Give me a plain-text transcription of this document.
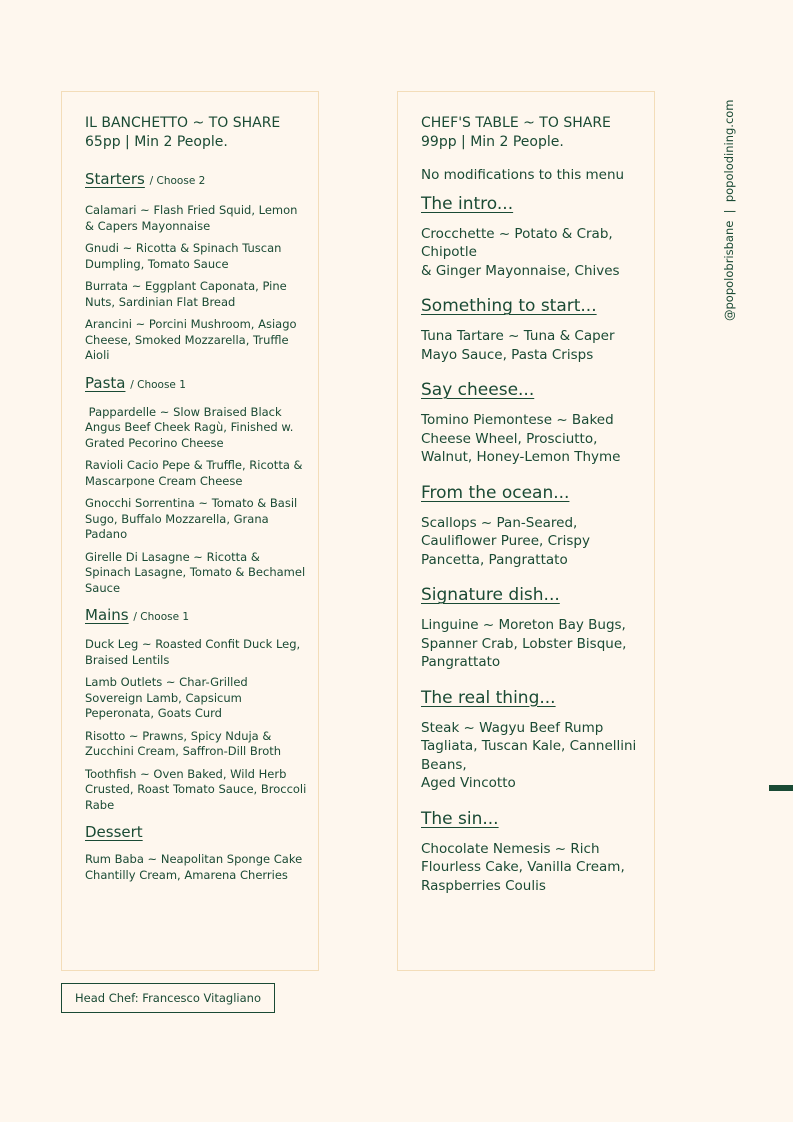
IL BANCHETTO ~ TO SHARE

65pp | Min 2 People.

Starters / Choose 2

Calamari ~ Flash Fried Squid, Lemon & Capers Mayonnaise

Gnudi ~ Ricotta & Spinach Tuscan Dumpling, Tomato Sauce

Burrata ~ Eggplant Caponata, Pine Nuts, Sardinian Flat Bread

Arancini ~ Porcini Mushroom, Asiago Cheese, Smoked Mozzarella, Truffle Aioli

Pasta / Choose 1

Pappardelle ~ Slow Braised Black Angus Beef Cheek Ragù, Finished w. Grated Pecorino Cheese

Ravioli Cacio Pepe & Truffle, Ricotta & Mascarpone Cream Cheese

Gnocchi Sorrentina ~ Tomato & Basil Sugo, Buffalo Mozzarella, Grana Padano

Girelle Di Lasagne ~ Ricotta & Spinach Lasagne, Tomato & Bechamel Sauce

Mains / Choose 1

Duck Leg ~ Roasted Confit Duck Leg, Braised Lentils

Lamb Outlets ~ Char-Grilled Sovereign Lamb, Capsicum Peperonata, Goats Curd

Risotto ~ Prawns, Spicy Nduja & Zucchini Cream, Saffron-Dill Broth

Toothfish ~ Oven Baked, Wild Herb Crusted, Roast Tomato Sauce, Broccoli Rabe

Dessert

Rum Baba ~ Neapolitan Sponge Cake Chantilly Cream, Amarena Cherries

CHEF'S TABLE ~ TO SHARE

99pp | Min 2 People.

No modifications to this menu

The intro...

Crocchette ~ Potato & Crab, Chipotle

& Ginger Mayonnaise, Chives

Something to start...

Tuna Tartare ~ Tuna & Caper Mayo Sauce, Pasta Crisps

Say cheese...

Tomino Piemontese ~ Baked Cheese Wheel, Prosciutto, Walnut, Honey-Lemon Thyme

From the ocean...

Scallops ~ Pan-Seared, Cauliflower Puree, Crispy Pancetta, Pangrattato

Signature dish...

Linguine ~ Moreton Bay Bugs, Spanner Crab, Lobster Bisque, Pangrattato

The real thing...

Steak ~ Wagyu Beef Rump Tagliata, Tuscan Kale, Cannellini Beans,

Aged Vincotto

The sin...

Chocolate Nemesis ~ Rich Flourless Cake, Vanilla Cream, Raspberries Coulis

Head Chef: Francesco Vitagliano
@popolobrisbane  |  popolodining.com
